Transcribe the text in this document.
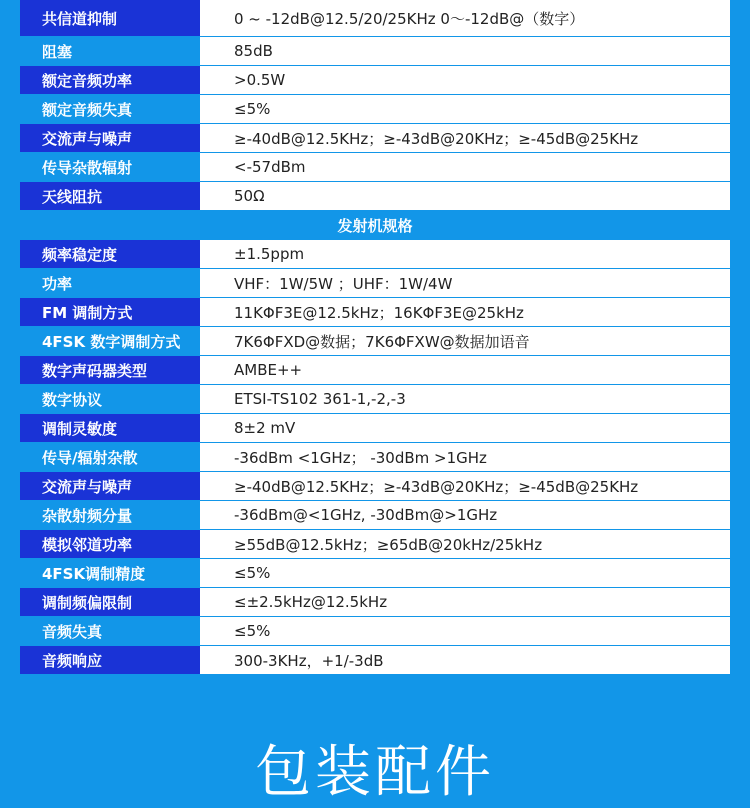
共信道抑制	0 ~ -12dB@12.5/20/25KHz 0〜-12dB@（数字）
阻塞	85dB
额定音频功率	>0.5W
额定音频失真	≤5%
交流声与噪声	≥-40dB@12.5KHz；≥-43dB@20KHz；≥-45dB@25KHz
传导杂散辐射	<-57dBm
天线阻抗	50Ω
发射机规格
频率稳定度	±1.5ppm
功率	VHF：1W/5W ；UHF：1W/4W
FM 调制方式	11KΦF3E@12.5kHz；16KΦF3E@25kHz
4FSK 数字调制方式	7K6ΦFXD@数据；7K6ΦFXW@数据加语音
数字声码器类型	AMBE++
数字协议	ETSI-TS102 361-1,-2,-3
调制灵敏度	8±2 mV
传导/辐射杂散	-36dBm <1GHz； -30dBm >1GHz
交流声与噪声	≥-40dB@12.5KHz；≥-43dB@20KHz；≥-45dB@25KHz
杂散射频分量	-36dBm@<1GHz, -30dBm@>1GHz
模拟邻道功率	≥55dB@12.5kHz；≥65dB@20kHz/25kHz
4FSK调制精度	≤5%
调制频偏限制	≤±2.5kHz@12.5kHz
音频失真	≤5%
音频响应	300-3KHz，+1/-3dB
包装配件
